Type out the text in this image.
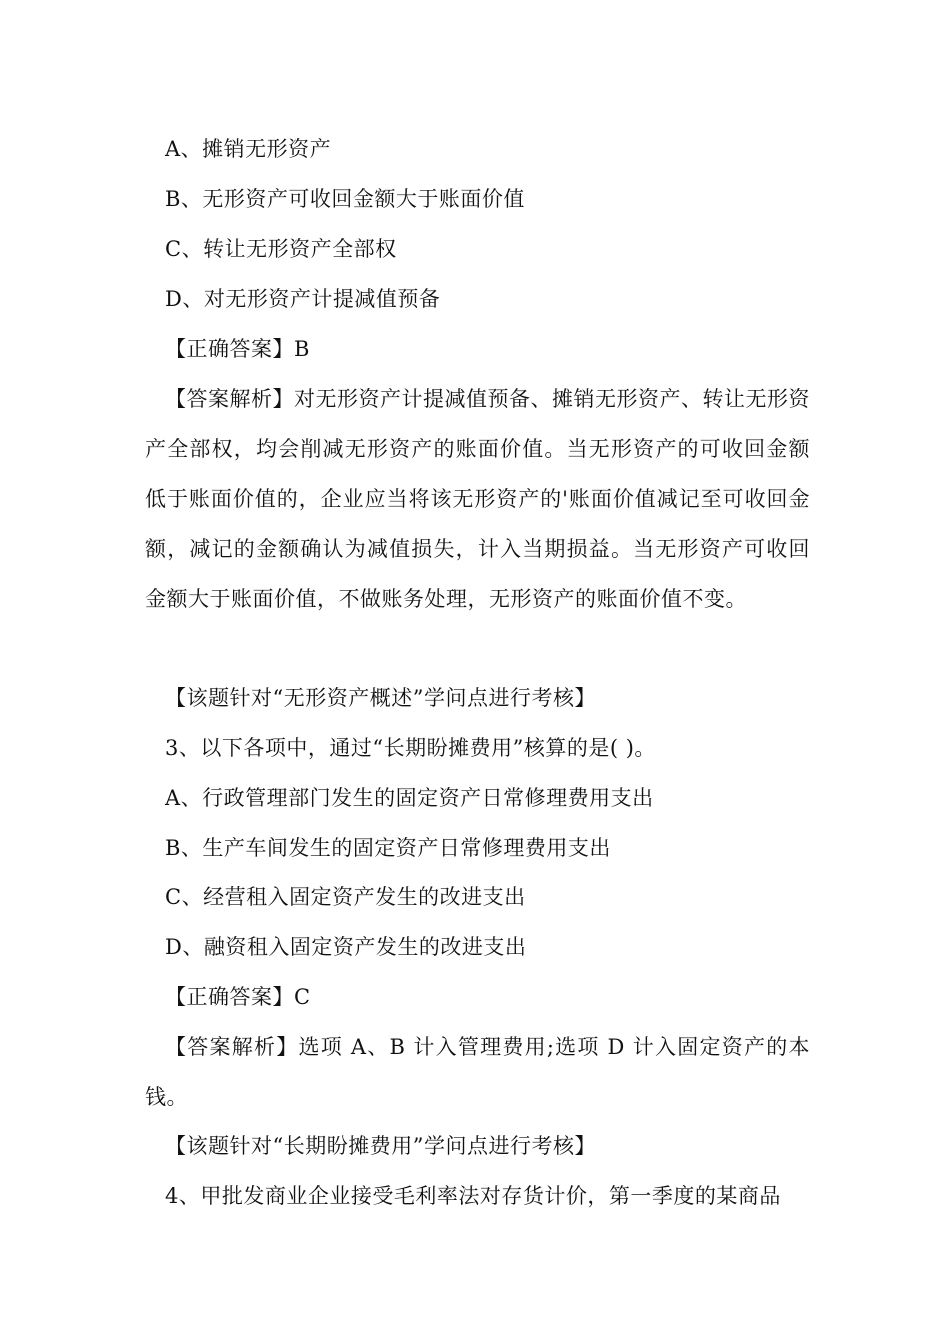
A、摊销无形资产
B、无形资产可收回金额大于账面价值
C、转让无形资产全部权
D、对无形资产计提减值预备
【正确答案】B
【答案解析】对无形资产计提减值预备、摊销无形资产、转让无形资产全部权，均会削减无形资产的账面价值。当无形资产的可收回金额低于账面价值的，企业应当将该无形资产的'账面价值减记至可收回金额，减记的金额确认为减值损失，计入当期损益。当无形资产可收回金额大于账面价值，不做账务处理，无形资产的账面价值不变。
【该题针对“无形资产概述”学问点进行考核】
3、以下各项中，通过“长期盼摊费用”核算的是( )。
A、行政管理部门发生的固定资产日常修理费用支出
B、生产车间发生的固定资产日常修理费用支出
C、经营租入固定资产发生的改进支出
D、融资租入固定资产发生的改进支出
【正确答案】C
【答案解析】选项 A、B 计入管理费用;选项 D 计入固定资产的本钱。
【该题针对“长期盼摊费用”学问点进行考核】
4、甲批发商业企业接受毛利率法对存货计价，第一季度的某商品
